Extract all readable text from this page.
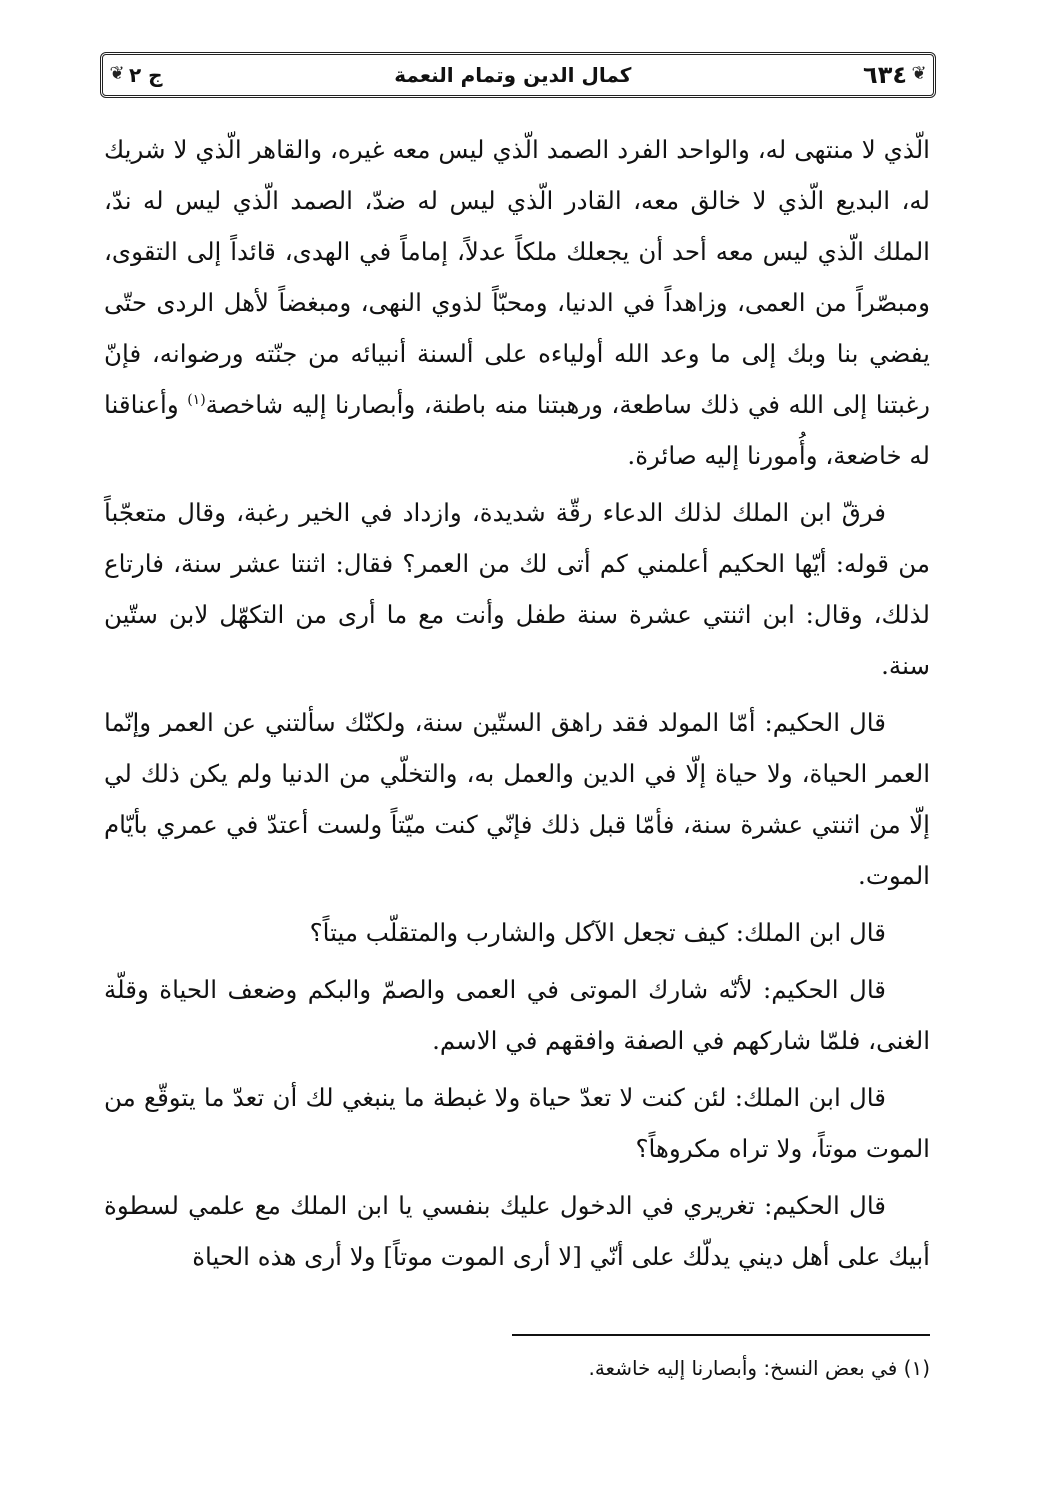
❦
٦٣٤
كمال الدين وتمام النعمة
ج ٢
❦

الّذي لا منتهى له، والواحد الفرد الصمد الّذي ليس معه غيره، والقاهر الّذي لا شريك له، البديع الّذي لا خالق معه، القادر الّذي ليس له ضدّ، الصمد الّذي ليس له ندّ، الملك الّذي ليس معه أحد أن يجعلك ملكاً عدلاً، إماماً في الهدى، قائداً إلى التقوى، ومبصّراً من العمى، وزاهداً في الدنيا، ومحبّاً لذوي النهى، ومبغضاً لأهل الردى حتّى يفضي بنا وبك إلى ما وعد الله أولياءه على ألسنة أنبيائه من جنّته ورضوانه، فإنّ رغبتنا إلى الله في ذلك ساطعة، ورهبتنا منه باطنة، وأبصارنا إليه شاخصة$^{(١)}$ وأعناقنا له خاضعة، وأُمورنا إليه صائرة.

فرقّ ابن الملك لذلك الدعاء رقّة شديدة، وازداد في الخير رغبة، وقال متعجّباً من قوله: أيّها الحكيم أعلمني كم أتى لك من العمر؟ فقال: اثنتا عشر سنة، فارتاع لذلك، وقال: ابن اثنتي عشرة سنة طفل وأنت مع ما أرى من التكهّل لابن ستّين سنة.

قال الحكيم: أمّا المولد فقد راهق الستّين سنة، ولكنّك سألتني عن العمر وإنّما العمر الحياة، ولا حياة إلّا في الدين والعمل به، والتخلّي من الدنيا ولم يكن ذلك لي إلّا من اثنتي عشرة سنة، فأمّا قبل ذلك فإنّي كنت ميّتاً ولست أعتدّ في عمري بأيّام الموت.

قال ابن الملك: كيف تجعل الآكل والشارب والمتقلّب ميتاً؟

قال الحكيم: لأنّه شارك الموتى في العمى والصمّ والبكم وضعف الحياة وقلّة الغنى، فلمّا شاركهم في الصفة وافقهم في الاسم.

قال ابن الملك: لئن كنت لا تعدّ حياة ولا غبطة ما ينبغي لك أن تعدّ ما يتوقّع من الموت موتاً، ولا تراه مكروهاً؟

قال الحكيم: تغريري في الدخول عليك بنفسي يا ابن الملك مع علمي لسطوة أبيك على أهل ديني يدلّك على أنّي [لا أرى الموت موتاً] ولا أرى هذه الحياة

(١) في بعض النسخ: وأبصارنا إليه خاشعة.
